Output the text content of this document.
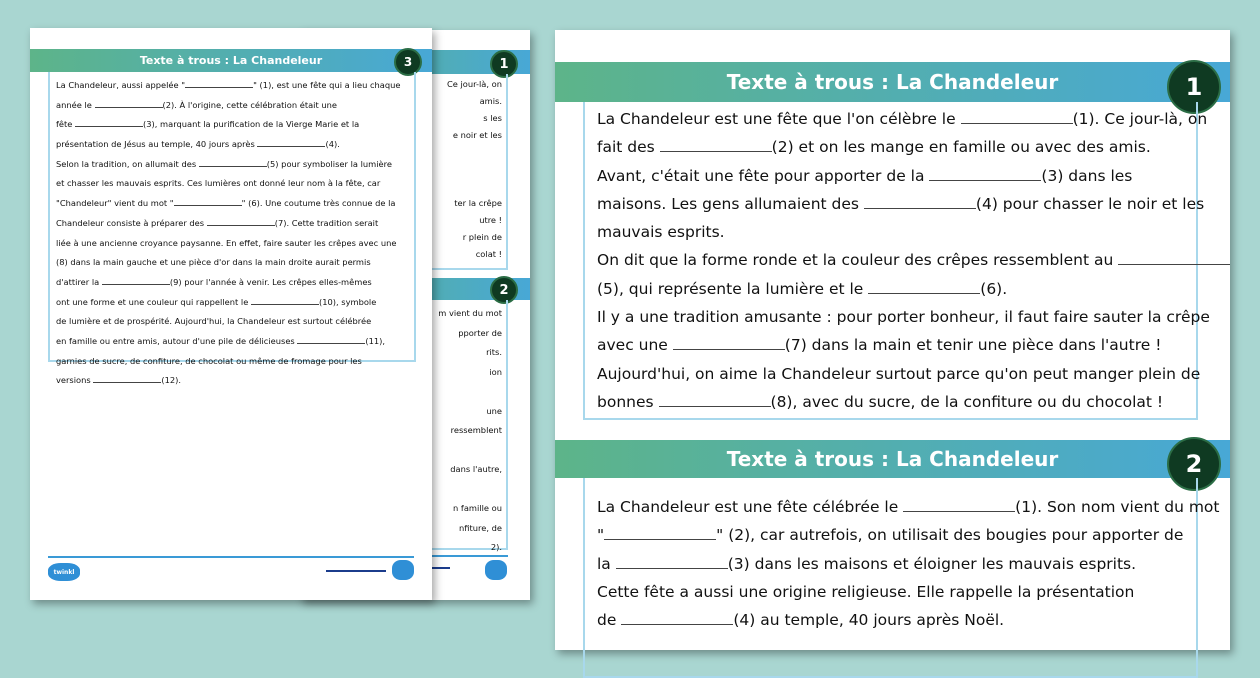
1
Ce jour-là, on
amis.
s les
e noir et les
ter la crêpe
utre !
r plein de
colat !
2
m vient du mot
pporter de
rits.
ion
une
ressemblent
dans l'autre,
n famille ou
nfiture, de
2).
Texte à trous : La Chandeleur	3
La Chandeleur, aussi appelée "	" (1), est une fête qui a lieu chaque
année le	(2). À l'origine, cette célébration était une
fête	(3), marquant la purification de la Vierge Marie et la
présentation de Jésus au temple, 40 jours après	(4).
Selon la tradition, on allumait des	(5) pour symboliser la lumière
et chasser les mauvais esprits. Ces lumières ont donné leur nom à la fête, car
"Chandeleur" vient du mot "	" (6). Une coutume très connue de la
Chandeleur consiste à préparer des	(7). Cette tradition serait
liée à une ancienne croyance paysanne. En effet, faire sauter les crêpes avec une
(8) dans la main gauche et une pièce d'or dans la main droite aurait permis
d'attirer la	(9) pour l'année à venir. Les crêpes elles-mêmes
ont une forme et une couleur qui rappellent le	(10), symbole
de lumière et de prospérité. Aujourd'hui, la Chandeleur est surtout célébrée
en famille ou entre amis, autour d'une pile de délicieuses	(11),
garnies de sucre, de confiture, de chocolat ou même de fromage pour les
versions	(12).
twinkl
Texte à trous : La Chandeleur	1
La Chandeleur est une fête que l'on célèbre le	(1). Ce jour-là, on
fait des	(2) et on les mange en famille ou avec des amis.
Avant, c'était une fête pour apporter de la	(3) dans les
maisons. Les gens allumaient des	(4) pour chasser le noir et les
mauvais esprits.
On dit que la forme ronde et la couleur des crêpes ressemblent au
(5), qui représente la lumière et le	(6).
Il y a une tradition amusante : pour porter bonheur, il faut faire sauter la crêpe
avec une	(7) dans la main et tenir une pièce dans l'autre !
Aujourd'hui, on aime la Chandeleur surtout parce qu'on peut manger plein de
bonnes	(8), avec du sucre, de la confiture ou du chocolat !
Texte à trous : La Chandeleur	2
La Chandeleur est une fête célébrée le	(1). Son nom vient du mot
"	" (2), car autrefois, on utilisait des bougies pour apporter de
la	(3) dans les maisons et éloigner les mauvais esprits.
Cette fête a aussi une origine religieuse. Elle rappelle la présentation
de	(4) au temple, 40 jours après Noël.
